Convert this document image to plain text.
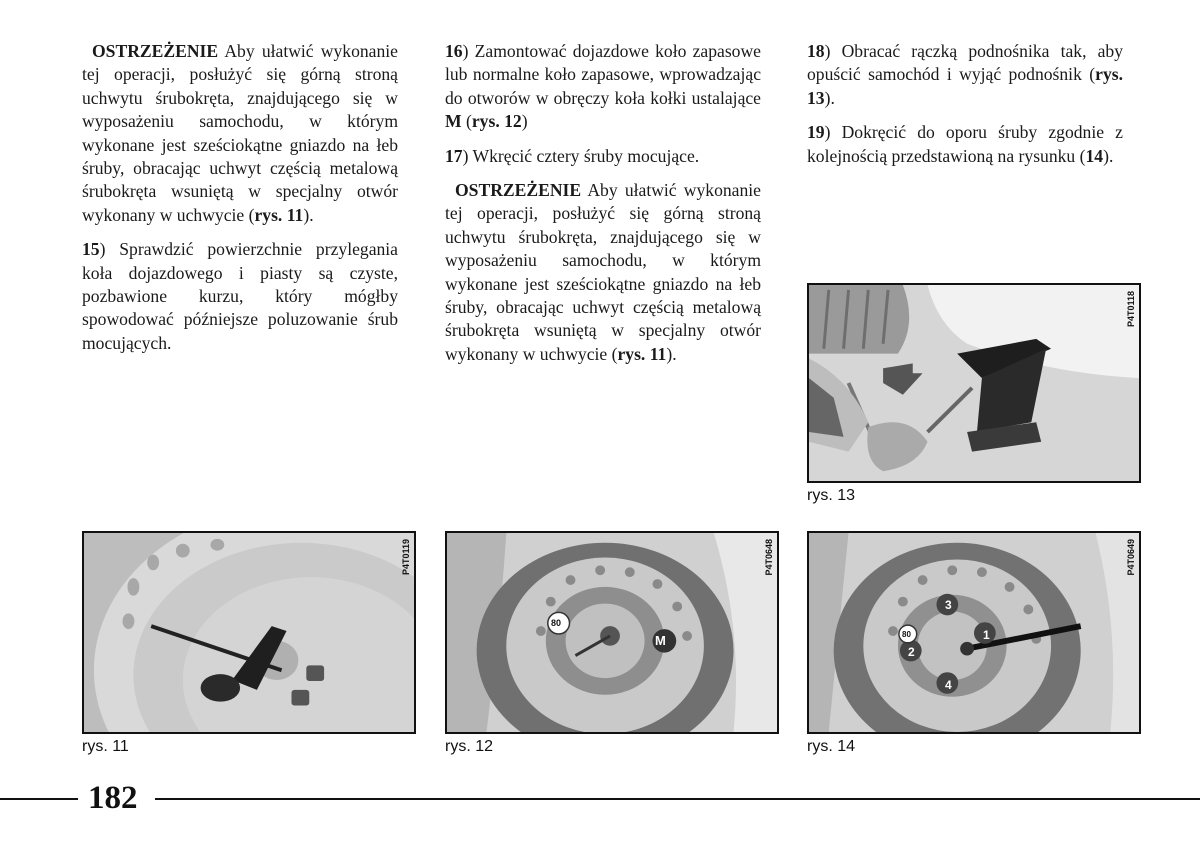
OSTRZEŻENIE Aby ułatwić wykonanie tej operacji, posłużyć się górną stroną uchwytu śrubokręta, znajdującego się w wyposażeniu samochodu, w którym wykonane jest sześciokątne gniazdo na łeb śruby, obracając uchwyt częścią metalową śrubokręta wsuniętą w specjalny otwór wykonany w uchwycie (rys. 11).

15) Sprawdzić powierzchnie przylegania koła dojazdowego i piasty są czyste, pozbawione kurzu, który mógłby spowodować późniejsze poluzowanie śrub mocujących.

16) Zamontować dojazdowe koło zapasowe lub normalne koło zapasowe, wprowadzając do otworów w obręczy koła kołki ustalające M (rys. 12)

17) Wkręcić cztery śruby mocujące.

OSTRZEŻENIE Aby ułatwić wykonanie tej operacji, posłużyć się górną stroną uchwytu śrubokręta, znajdującego się w wyposażeniu samochodu, w którym wykonane jest sześciokątne gniazdo na łeb śruby, obracając uchwyt częścią metalową śrubokręta wsuniętą w specjalny otwór wykonany w uchwycie (rys. 11).

18) Obracać rączką podnośnika tak, aby opuścić samochód i wyjąć podnośnik (rys. 13).

19) Dokręcić do oporu śruby zgodnie z kolejnością przedstawioną na rysunku (14).

P4T0118
rys. 13
P4T0119
rys. 11
P4T0648
M
80
rys. 12
P4T0649
1
2
3
4
80
rys. 14
182
